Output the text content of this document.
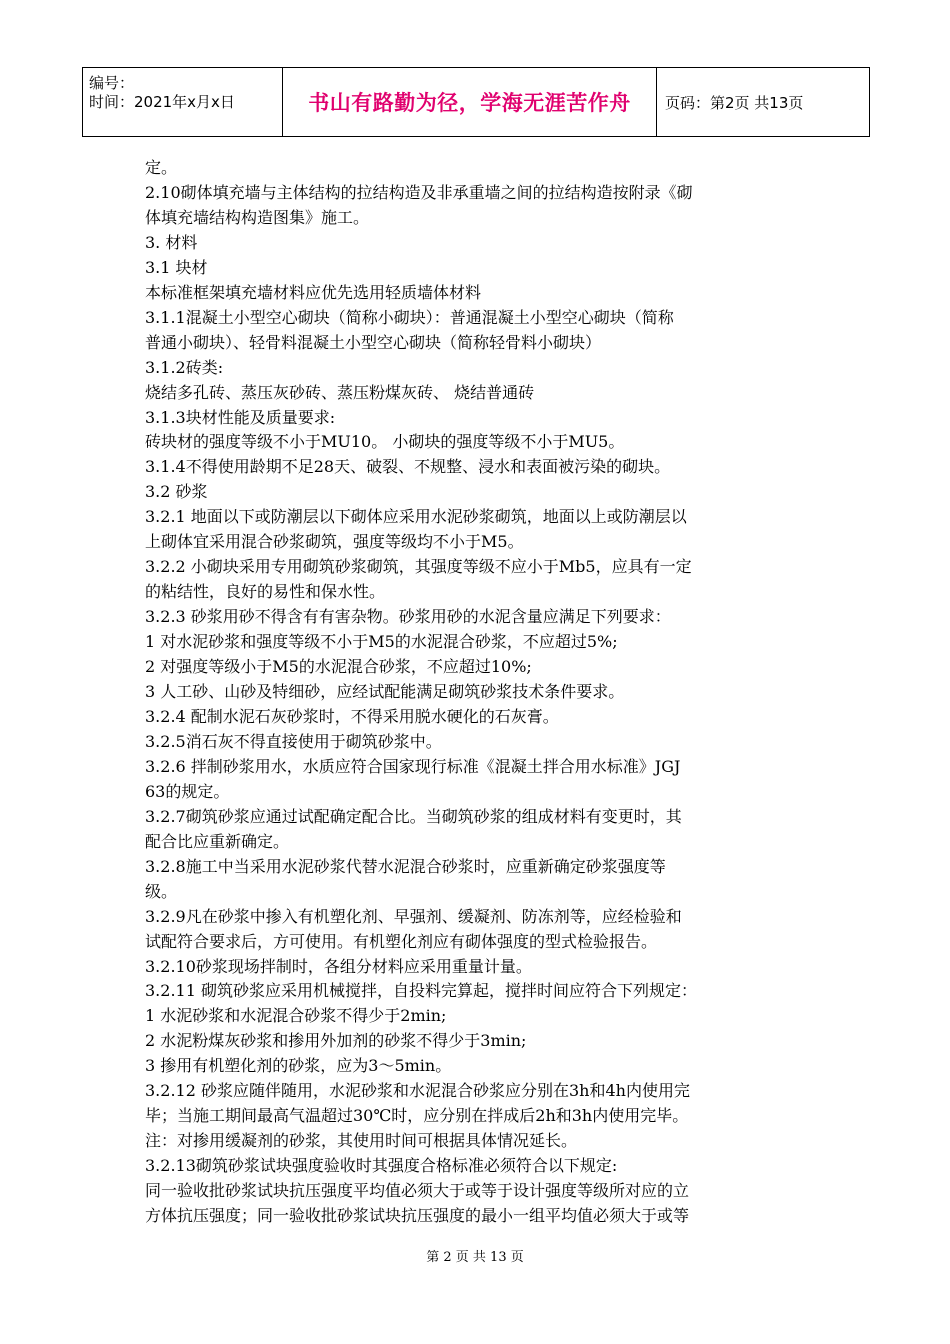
编号：
时间：2021年x月x日	书山有路勤为径，学海无涯苦作舟 页码：第2页 共13页

定。

2.10砌体填充墙与主体结构的拉结构造及非承重墙之间的拉结构造按附录《砌

体填充墙结构构造图集》施工。

3. 材料

3.1 块材

本标准框架填充墙材料应优先选用轻质墙体材料

3.1.1混凝土小型空心砌块（简称小砌块）：普通混凝土小型空心砌块（简称

普通小砌块）、轻骨料混凝土小型空心砌块（简称轻骨料小砌块）

3.1.2砖类:

烧结多孔砖、蒸压灰砂砖、蒸压粉煤灰砖、 烧结普通砖

3.1.3块材性能及质量要求:

砖块材的强度等级不小于MU10。 小砌块的强度等级不小于MU5。

3.1.4不得使用龄期不足28天、破裂、不规整、浸水和表面被污染的砌块。

3.2 砂浆

3.2.1 地面以下或防潮层以下砌体应采用水泥砂浆砌筑，地面以上或防潮层以

上砌体宜采用混合砂浆砌筑，强度等级均不小于M5。

3.2.2 小砌块采用专用砌筑砂浆砌筑，其强度等级不应小于Mb5，应具有一定

的粘结性，良好的易性和保水性。

3.2.3 砂浆用砂不得含有有害杂物。砂浆用砂的水泥含量应满足下列要求：

1 对水泥砂浆和强度等级不小于M5的水泥混合砂浆，不应超过5%;

2 对强度等级小于M5的水泥混合砂浆，不应超过10%;

3 人工砂、山砂及特细砂，应经试配能满足砌筑砂浆技术条件要求。

3.2.4 配制水泥石灰砂浆时，不得采用脱水硬化的石灰膏。

3.2.5消石灰不得直接使用于砌筑砂浆中。

3.2.6 拌制砂浆用水，水质应符合国家现行标准《混凝土拌合用水标准》JGJ

63的规定。

3.2.7砌筑砂浆应通过试配确定配合比。当砌筑砂浆的组成材料有变更时，其

配合比应重新确定。

3.2.8施工中当采用水泥砂浆代替水泥混合砂浆时，应重新确定砂浆强度等

级。

3.2.9凡在砂浆中掺入有机塑化剂、早强剂、缓凝剂、防冻剂等，应经检验和

试配符合要求后，方可使用。有机塑化剂应有砌体强度的型式检验报告。

3.2.10砂浆现场拌制时，各组分材料应采用重量计量。

3.2.11 砌筑砂浆应采用机械搅拌，自投料完算起，搅拌时间应符合下列规定：

1 水泥砂浆和水泥混合砂浆不得少于2min;

2 水泥粉煤灰砂浆和掺用外加剂的砂浆不得少于3min;

3 掺用有机塑化剂的砂浆，应为3～5min。

3.2.12 砂浆应随伴随用，水泥砂浆和水泥混合砂浆应分别在3h和4h内使用完

毕；当施工期间最高气温超过30℃时，应分别在拌成后2h和3h内使用完毕。

注：对掺用缓凝剂的砂浆，其使用时间可根据具体情况延长。

3.2.13砌筑砂浆试块强度验收时其强度合格标准必须符合以下规定:

同一验收批砂浆试块抗压强度平均值必须大于或等于设计强度等级所对应的立

方体抗压强度；同一验收批砂浆试块抗压强度的最小一组平均值必须大于或等

第 2 页 共 13 页
